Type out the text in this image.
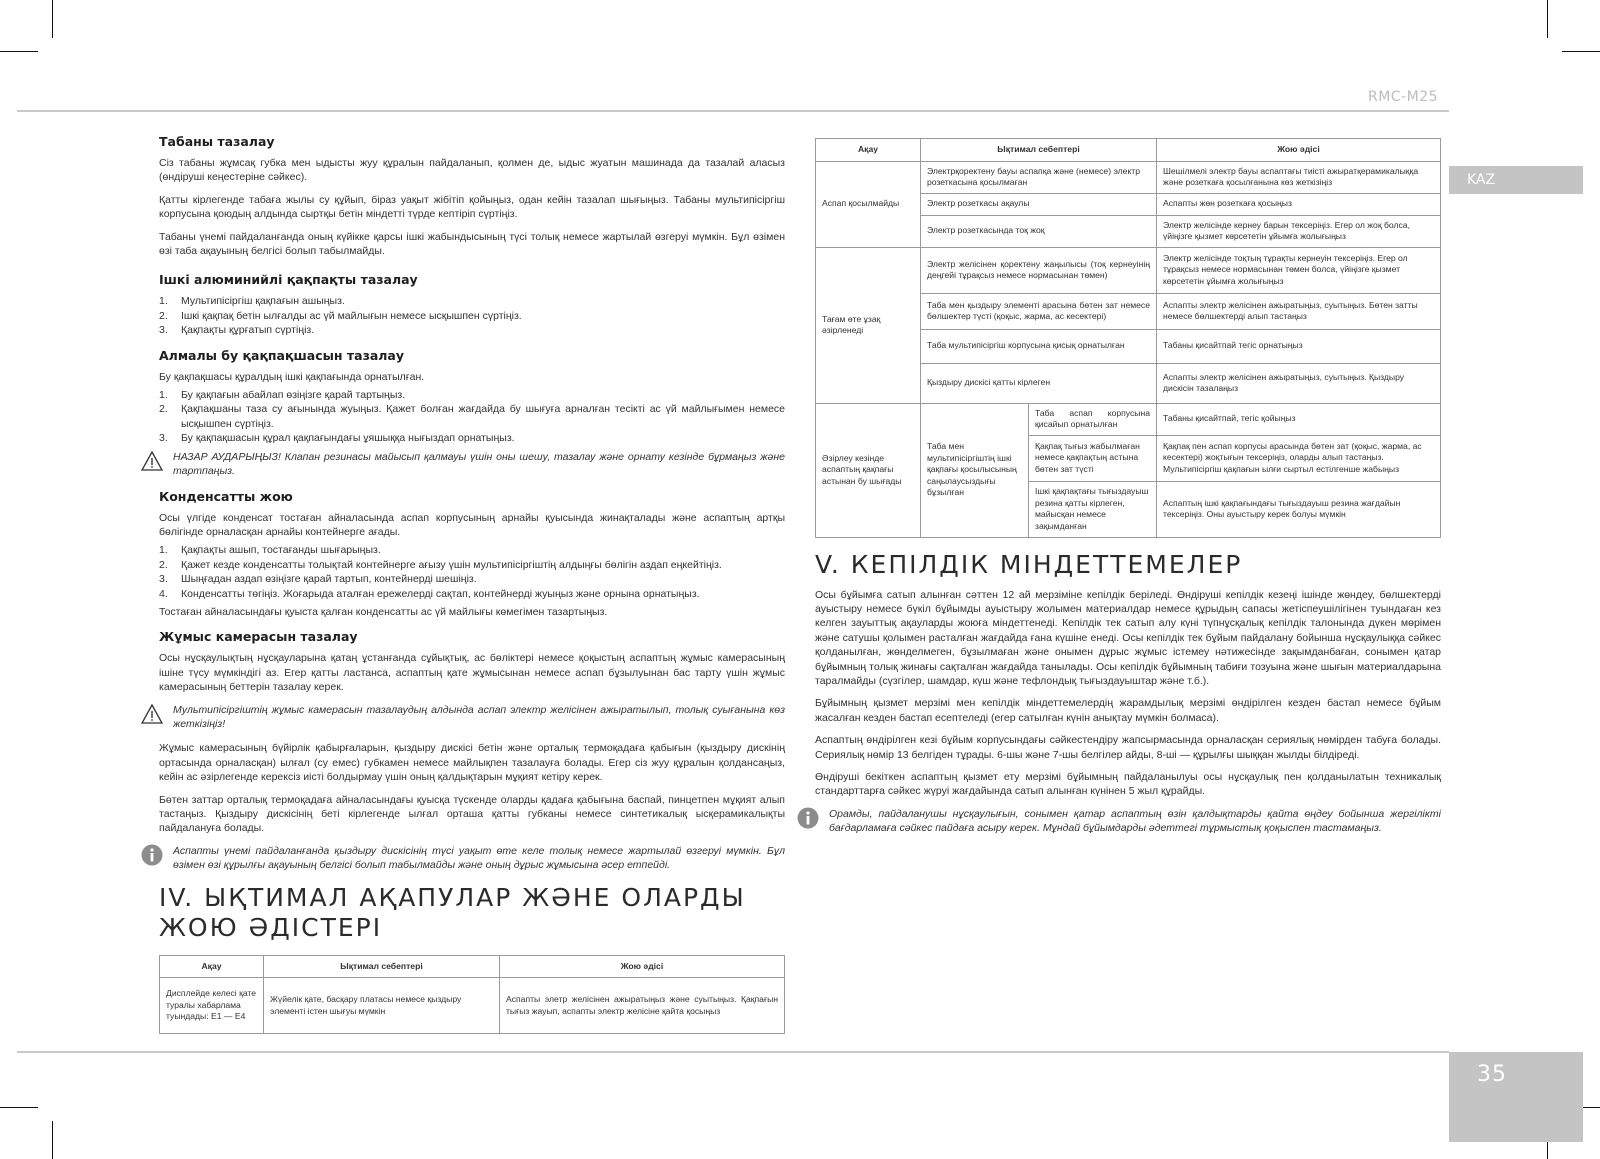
RMC-M25
KAZ
35
Табаны тазалау

Сіз табаны жұмсақ губка мен ыдысты жуу құралын пайдаланып, қолмен де, ыдыс жуатын машинада да тазалай аласыз (өндіруші кеңестеріне сәйкес).

Қатты кірлегенде табаға жылы су құйып, біраз уақыт жібітіп қойыңыз, одан кейін тазалап шығыңыз. Табаны мультипісіргіш корпусына қоюдың алдында сыртқы бетін міндетті түрде кептіріп сүртіңіз.

Табаны үнемі пайдаланғанда оның күйікке қарсы ішкі жабындысының түсі толық немесе жартылай өзгеруі мүмкін. Бұл өзімен өзі таба ақауының белгісі болып табылмайды.

Ішкі алюминийлі қақпақты тазалау
1.	Мультипісіргіш қақпағын ашыңыз.
2.	Ішкі қақпақ бетін ылғалды ас үй майлығын немесе ысқышпен сүртіңіз.
3.	Қақпақты құрғатып сүртіңіз.
Алмалы бу қақпақшасын тазалау

Бу қақпақшасы құралдың ішкі қақпағында орнатылған.

1.	Бу қақпағын абайлап өзіңізге қарай тартыңыз.
2.	Қақпақшаны таза су ағынында жуыңыз. Қажет болған жағдайда бу шығуға арналған тесікті ас үй майлығымен немесе ысқышпен сүртіңіз.
3.	Бу қақпақшасын құрал қақпағындағы ұяшыққа нығыздап орнатыңыз.
НАЗАР АУДАРЫҢЫЗ! Клапан резинасы майысып қалмауы үшін оны шешу, тазалау және орнату кезінде бұрмаңыз және тартпаңыз.
Конденсатты жою

Осы үлгіде конденсат тостаған айналасында аспап корпусының арнайы қуысында жинақталады және аспаптың артқы бөлігінде орналасқан арнайы контейнерге ағады.

1.	Қақпақты ашып, тостағанды шығарыңыз.
2.	Қажет кезде конденсатты толықтай контейнерге ағызу үшін мультипісіргіштің алдыңғы бөлігін аздап еңкейтіңіз.
3.	Шыңғадан аздап өзіңізге қарай тартып, контейнерді шешіңіз.
4.	Конденсатты төгіңіз. Жоғарыда аталған ережелерді сақтап, контейнерді жуыңыз және орнына орнатыңыз.

Тостаған айналасындағы қуыста қалған конденсатты ас үй майлығы көмегімен тазартыңыз.

Жұмыс камерасын тазалау

Осы нұсқаулықтың нұсқауларына қатаң ұстанғанда сұйықтық, ас бөліктері немесе қоқыстың аспаптың жұмыс камерасының ішіне түсу мүмкіндігі аз. Егер қатты ластанса, аспаптың қате жұмысынан немесе аспап бұзылуынан бас тарту үшін жұмыс камерасының беттерін тазалау керек.

Мультипісіргіштің жұмыс камерасын тазалаудың алдында аспап электр желісінен ажыратылып, толық суығанына көз жеткізіңіз!

Жұмыс камерасының бүйірлік қабырғаларын, қыздыру дискісі бетін және орталық термоқадаға қабығын (қыздыру дискінің ортасында орналасқан) ылғал (су емес) губкамен немесе майлықпен тазалауға болады. Егер сіз жуу құралын қолдансаңыз, кейін ас әзірлегенде керексіз иісті болдырмау үшін оның қалдықтарын мұқият кетіру керек.

Бөтен заттар орталық термоқадаға айналасындағы қуысқа түскенде оларды қадаға қабығына баспай, пинцетпен мұқият алып тастаңыз. Қыздыру дискісінің беті кірлегенде ылғал орташа қатты губканы немесе синтетикалық ысқерамикалықты пайдалануға болады.

Аспапты үнемі пайдаланғанда қыздыру дискісінің түсі уақыт өте келе толық немесе жартылай өзгеруі мүмкін. Бұл өзімен өзі құрылғы ақауының белгісі болып табылмайды және оның дұрыс жұмысына әсер етпейді.
IV. ЫҚТИМАЛ АҚАПУЛАР ЖӘНЕ ОЛАРДЫ ЖОЮ ӘДІСТЕРІ
Ақау	Ықтимал себептері	Жою әдісі
Дисплейде келесі қате туралы хабарлама туындады: E1 — E4	Жүйелік қате, басқару платасы немесе қыздыру элементі істен шығуы мүмкін	Аспапты элетр желісінен ажыратыңыз және суытыңыз. Қақпағын тығыз жауып, аспапты электр желісіне қайта қосыңыз
Ақау	Ықтимал себептері		Жою әдісі
Аспап қосылмайды	Электрқоректену бауы аспапқа және (немесе) электр розеткасына қосылмаған		Шешілмелі электр бауы аспаптағы тиісті ажыратқерамикалыққа және розеткаға қосылғанына көз жеткізіңіз
	Электр розеткасы ақаулы		Аспапты жөн розеткаға қосыңыз
	Электр розеткасында тоқ жоқ		Электр желісінде кернеу барын тексеріңіз. Егер ол жоқ болса, үйіңізге қызмет көрсететін ұйымға жолығыңыз
Тағам өте ұзақ әзірленеді	Электр желісінен қоректену жаңылысы (тоқ кернеуінің деңгейі тұрақсыз немесе нормасынан төмен)		Электр желісінде тоқтың тұрақты кернеуін тексеріңіз. Егер ол тұрақсыз немесе нормасынан төмен болса, үйіңізге қызмет көрсететін ұйымға жолығыңыз
	Таба мен қыздыру элементі арасына бөтен зат немесе бөлшектер түсті (қоқыс, жарма, ас кесектері)		Аспапты электр желісінен ажыратыңыз, суытыңыз. Бөтен затты немесе бөлшектерді алып тастаңыз
	Таба мультипісіргіш корпусына қисық орнатылған		Табаны қисайтпай тегіс орнатыңыз
	Қыздыру дискісі қатты кірлеген		Аспапты электр желісінен ажыратыңыз, суытыңыз. Қыздыру дискісін тазалаңыз
Әзірлеу кезінде аспаптың қақпағы астынан бу шығады	Таба мен мультипісіргіштің ішкі қақпағы қосылысының саңылаусыздығы бұзылған	Таба аспап корпусына қисайып орнатылған	Табаны қисайтпай, тегіс қойыңыз
		Қақпақ тығыз жабылмаған немесе қақпақтың астына бөтен зат түсті	Қақпақ пен аспап корпусы арасында бөтен зат (қоқыс, жарма, ас кесектері) жоқтығын тексеріңіз, оларды алып тастаңыз. Мультипісіргіш қақпағын ылғи сыртыл естілгенше жабыңыз
		Ішкі қақпақтағы тығыздауыш резина қатты кірлеген, майысқан немесе зақымданған	Аспаптың ішкі қақпағындағы тығыздауыш резина жағдайын тексеріңіз. Оны ауыстыру керек болуы мүмкін
V. КЕПІЛДІК МІНДЕТТЕМЕЛЕР

Осы бұйымға сатып алынған сәттен 12 ай мерзіміне кепілдік беріледі. Өндіруші кепілдік кезеңі ішінде жөндеу, бөлшектерді ауыстыру немесе бүкіл бұйымды ауыстыру жолымен материалдар немесе құрыдың сапасы жетіспеушілігінен туындаған кез келген зауыттық ақауларды жоюға міндеттенеді. Кепілдік тек сатып алу күні түпнұсқалық кепілдік талонында дүкен мөрімен және сатушы қолымен расталған жағдайда ғана күшіне енеді. Осы кепілдік тек бұйым пайдалану бойынша нұсқаулыққа сәйкес қолданылған, жөнделмеген, бұзылмаған және онымен дұрыс жұмыс істемеу нәтижесінде зақымданбаған, сонымен қатар бұйымның толық жинағы сақталған жағдайда танылады. Осы кепілдік бұйымның табиғи тозуына және шығын материалдарына таралмайды (сүзгілер, шамдар, күш және тефлондық тығыздауыштар және т.б.).

Бұйымның қызмет мерзімі мен кепілдік міндеттемелердің жарамдылық мерзімі өндірілген кезден бастап немесе бұйым жасалған кезден бастап есептеледі (егер сатылған күнін анықтау мүмкін болмаса).

Аспаптың өндірілген кезі бұйым корпусындағы сәйкестендіру жапсырмасында орналасқан сериялық нөмірден табуға болады. Сериялық нөмір 13 белгіден тұрады. 6-шы және 7-шы белгілер айды, 8-ші — құрылғы шыққан жылды білдіреді.

Өндіруші бекіткен аспаптың қызмет ету мерзімі бұйымның пайдаланылуы осы нұсқаулық пен қолданылатын техникалық стандарттарға сәйкес жүруі жағдайында сатып алынған күнінен 5 жыл құрайды.

Орамды, пайдаланушы нұсқаулығын, сонымен қатар аспаптың өзін қалдықтарды қайта өңдеу бойынша жергілікті бағдарламаға сәйкес пайдаға асыру керек. Мұндай бұйымдарды әдеттегі тұрмыстық қоқыспен тастамаңыз.
